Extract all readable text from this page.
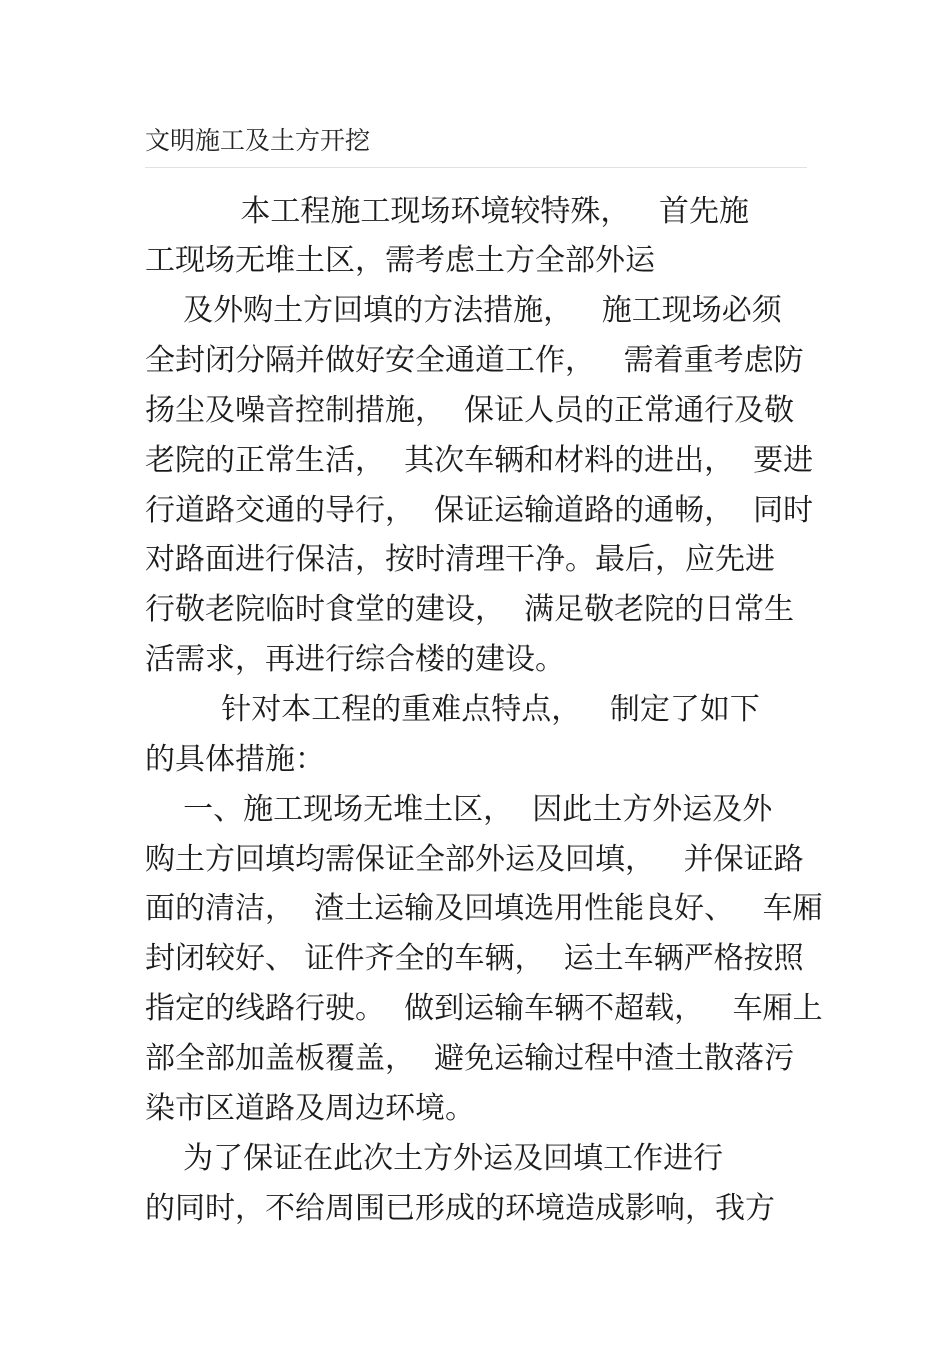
文明施工及土方开挖
本工程施工现场环境较特殊，   首先施
工现场无堆土区，需考虑土方全部外运
及外购土方回填的方法措施，   施工现场必须
全封闭分隔并做好安全通道工作，   需着重考虑防
扬尘及噪音控制措施，  保证人员的正常通行及敬
老院的正常生活，  其次车辆和材料的进出，  要进
行道路交通的导行，  保证运输道路的通畅，  同时
对路面进行保洁，按时清理干净。最后，应先进
行敬老院临时食堂的建设，  满足敬老院的日常生
活需求，再进行综合楼的建设。
针对本工程的重难点特点，   制定了如下
的具体措施：
一、施工现场无堆土区，  因此土方外运及外
购土方回填均需保证全部外运及回填，   并保证路
面的清洁，  渣土运输及回填选用性能良好、   车厢
封闭较好、 证件齐全的车辆，  运土车辆严格按照
指定的线路行驶。  做到运输车辆不超载，   车厢上
部全部加盖板覆盖，  避免运输过程中渣土散落污
染市区道路及周边环境。
为了保证在此次土方外运及回填工作进行
的同时，不给周围已形成的环境造成影响，我方
